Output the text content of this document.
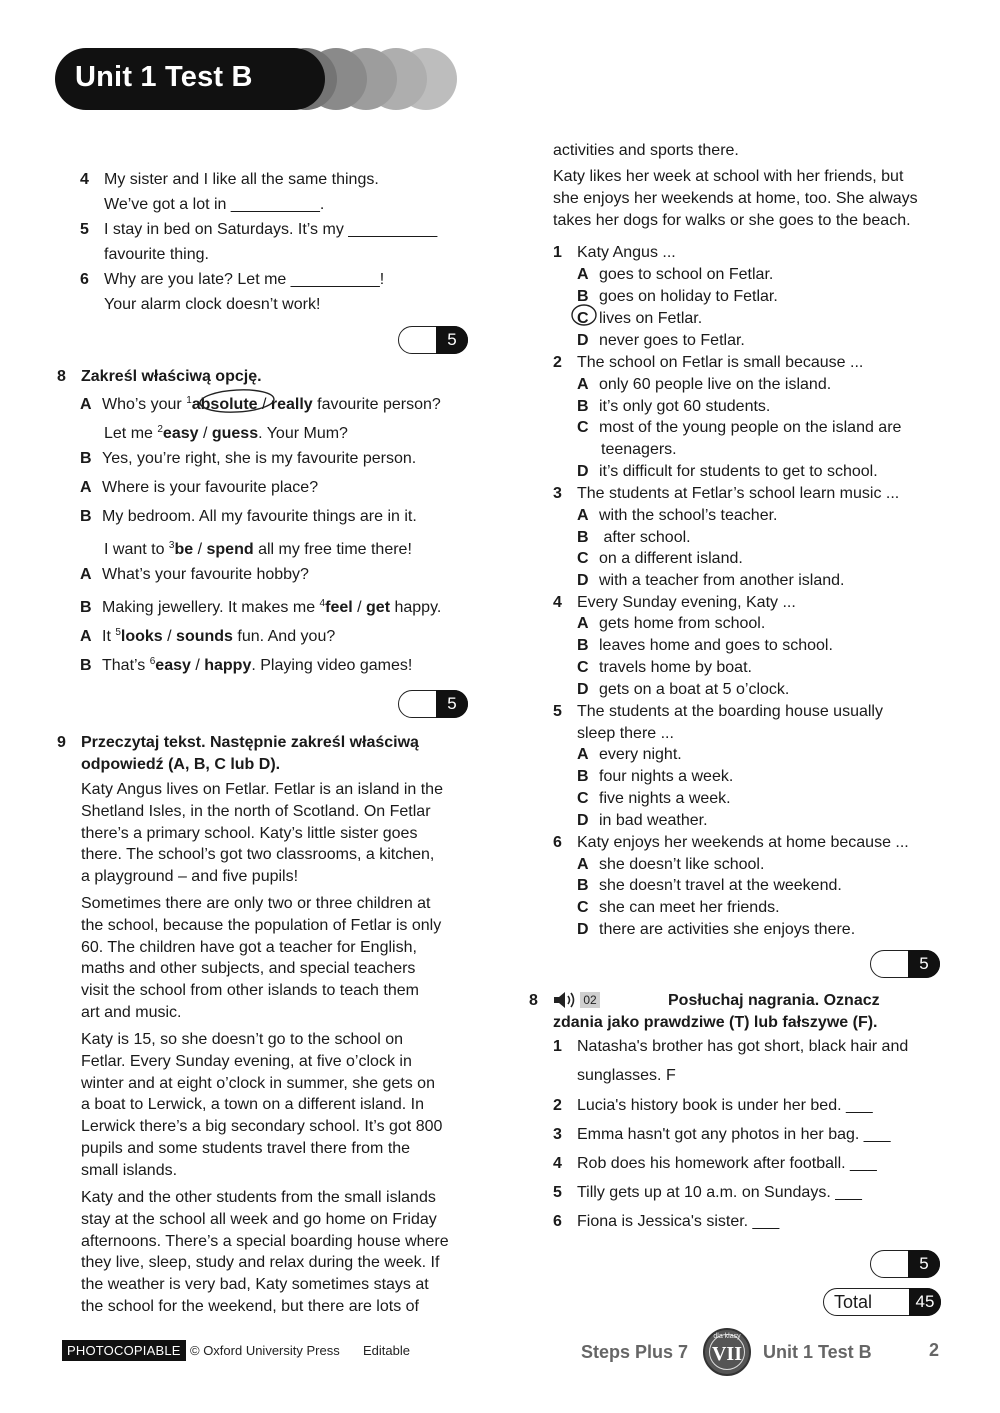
Unit 1 Test B
4 My sister and I like all the same things.
We’ve got a lot in __________.
5 I stay in bed on Saturdays. It’s my __________
favourite thing.
6 Why are you late? Let me __________!
Your alarm clock doesn’t work!
5
8 Zakreśl właściwą opcję.
A Who’s your $^1$absolute / really favourite person?
Let me $^2$easy / guess. Your Mum?
B Yes, you’re right, she is my favourite person.
A Where is your favourite place?
B My bedroom. All my favourite things are in it.
I want to $^3$be / spend all my free time there!
A What’s your favourite hobby?
B Making jewellery. It makes me $^4$feel / get happy.
A It $^5$looks / sounds fun. And you?
B That’s $^6$easy / happy. Playing video games!
5
9 Przeczytaj tekst. Następnie zakreśl właściwą
odpowiedź (A, B, C lub D).
Katy Angus lives on Fetlar. Fetlar is an island in the
Shetland Isles, in the north of Scotland. On Fetlar
there’s a primary school. Katy’s little sister goes
there. The school’s got two classrooms, a kitchen,
a playground – and five pupils!
Sometimes there are only two or three children at
the school, because the population of Fetlar is only
60. The children have got a teacher for English,
maths and other subjects, and special teachers
visit the school from other islands to teach them
art and music.
Katy is 15, so she doesn’t go to the school on
Fetlar. Every Sunday evening, at five o’clock in
winter and at eight o’clock in summer, she gets on
a boat to Lerwick, a town on a different island. In
Lerwick there’s a big secondary school. It’s got 800
pupils and some students travel there from the
small islands.
Katy and the other students from the small islands
stay at the school all week and go home on Friday
afternoons. There’s a special boarding house where
they live, sleep, study and relax during the week. If
the weather is very bad, Katy sometimes stays at
the school for the weekend, but there are lots of
activities and sports there.
Katy likes her week at school with her friends, but
she enjoys her weekends at home, too. She always
takes her dogs for walks or she goes to the beach.
1 Katy Angus ...
A goes to school on Fetlar.
B goes on holiday to Fetlar.
C lives on Fetlar.
D never goes to Fetlar.
2 The school on Fetlar is small because ...
A only 60 people live on the island.
B it’s only got 60 students.
C most of the young people on the island are
teenagers.
D it’s difficult for students to get to school.
3 The students at Fetlar’s school learn music ...
A with the school’s teacher.
B after school.
C on a different island.
D with a teacher from another island.
4 Every Sunday evening, Katy ...
A gets home from school.
B leaves home and goes to school.
C travels home by boat.
D gets on a boat at 5 o’clock.
5 The students at the boarding house usually
sleep there ...
A every night.
B four nights a week.
C five nights a week.
D in bad weather.
6 Katy enjoys her weekends at home because ...
A she doesn’t like school.
B she doesn’t travel at the weekend.
C she can meet her friends.
D there are activities she enjoys there.
5
8	02	Posłuchaj nagrania. Oznacz
zdania jako prawdziwe (T) lub fałszywe (F).
1 Natasha's brother has got short, black hair and
sunglasses. F
2 Lucia's history book is under her bed. ___
3 Emma hasn't got any photos in her bag. ___
4 Rob does his homework after football. ___
5 Tilly gets up at 10 a.m. on Sundays. ___
6 Fiona is Jessica's sister. ___
5
Total	45
PHOTOCOPIABLE © Oxford University Press Editable	Steps Plus 7
dla klasy
VII	Unit 1 Test B	2
